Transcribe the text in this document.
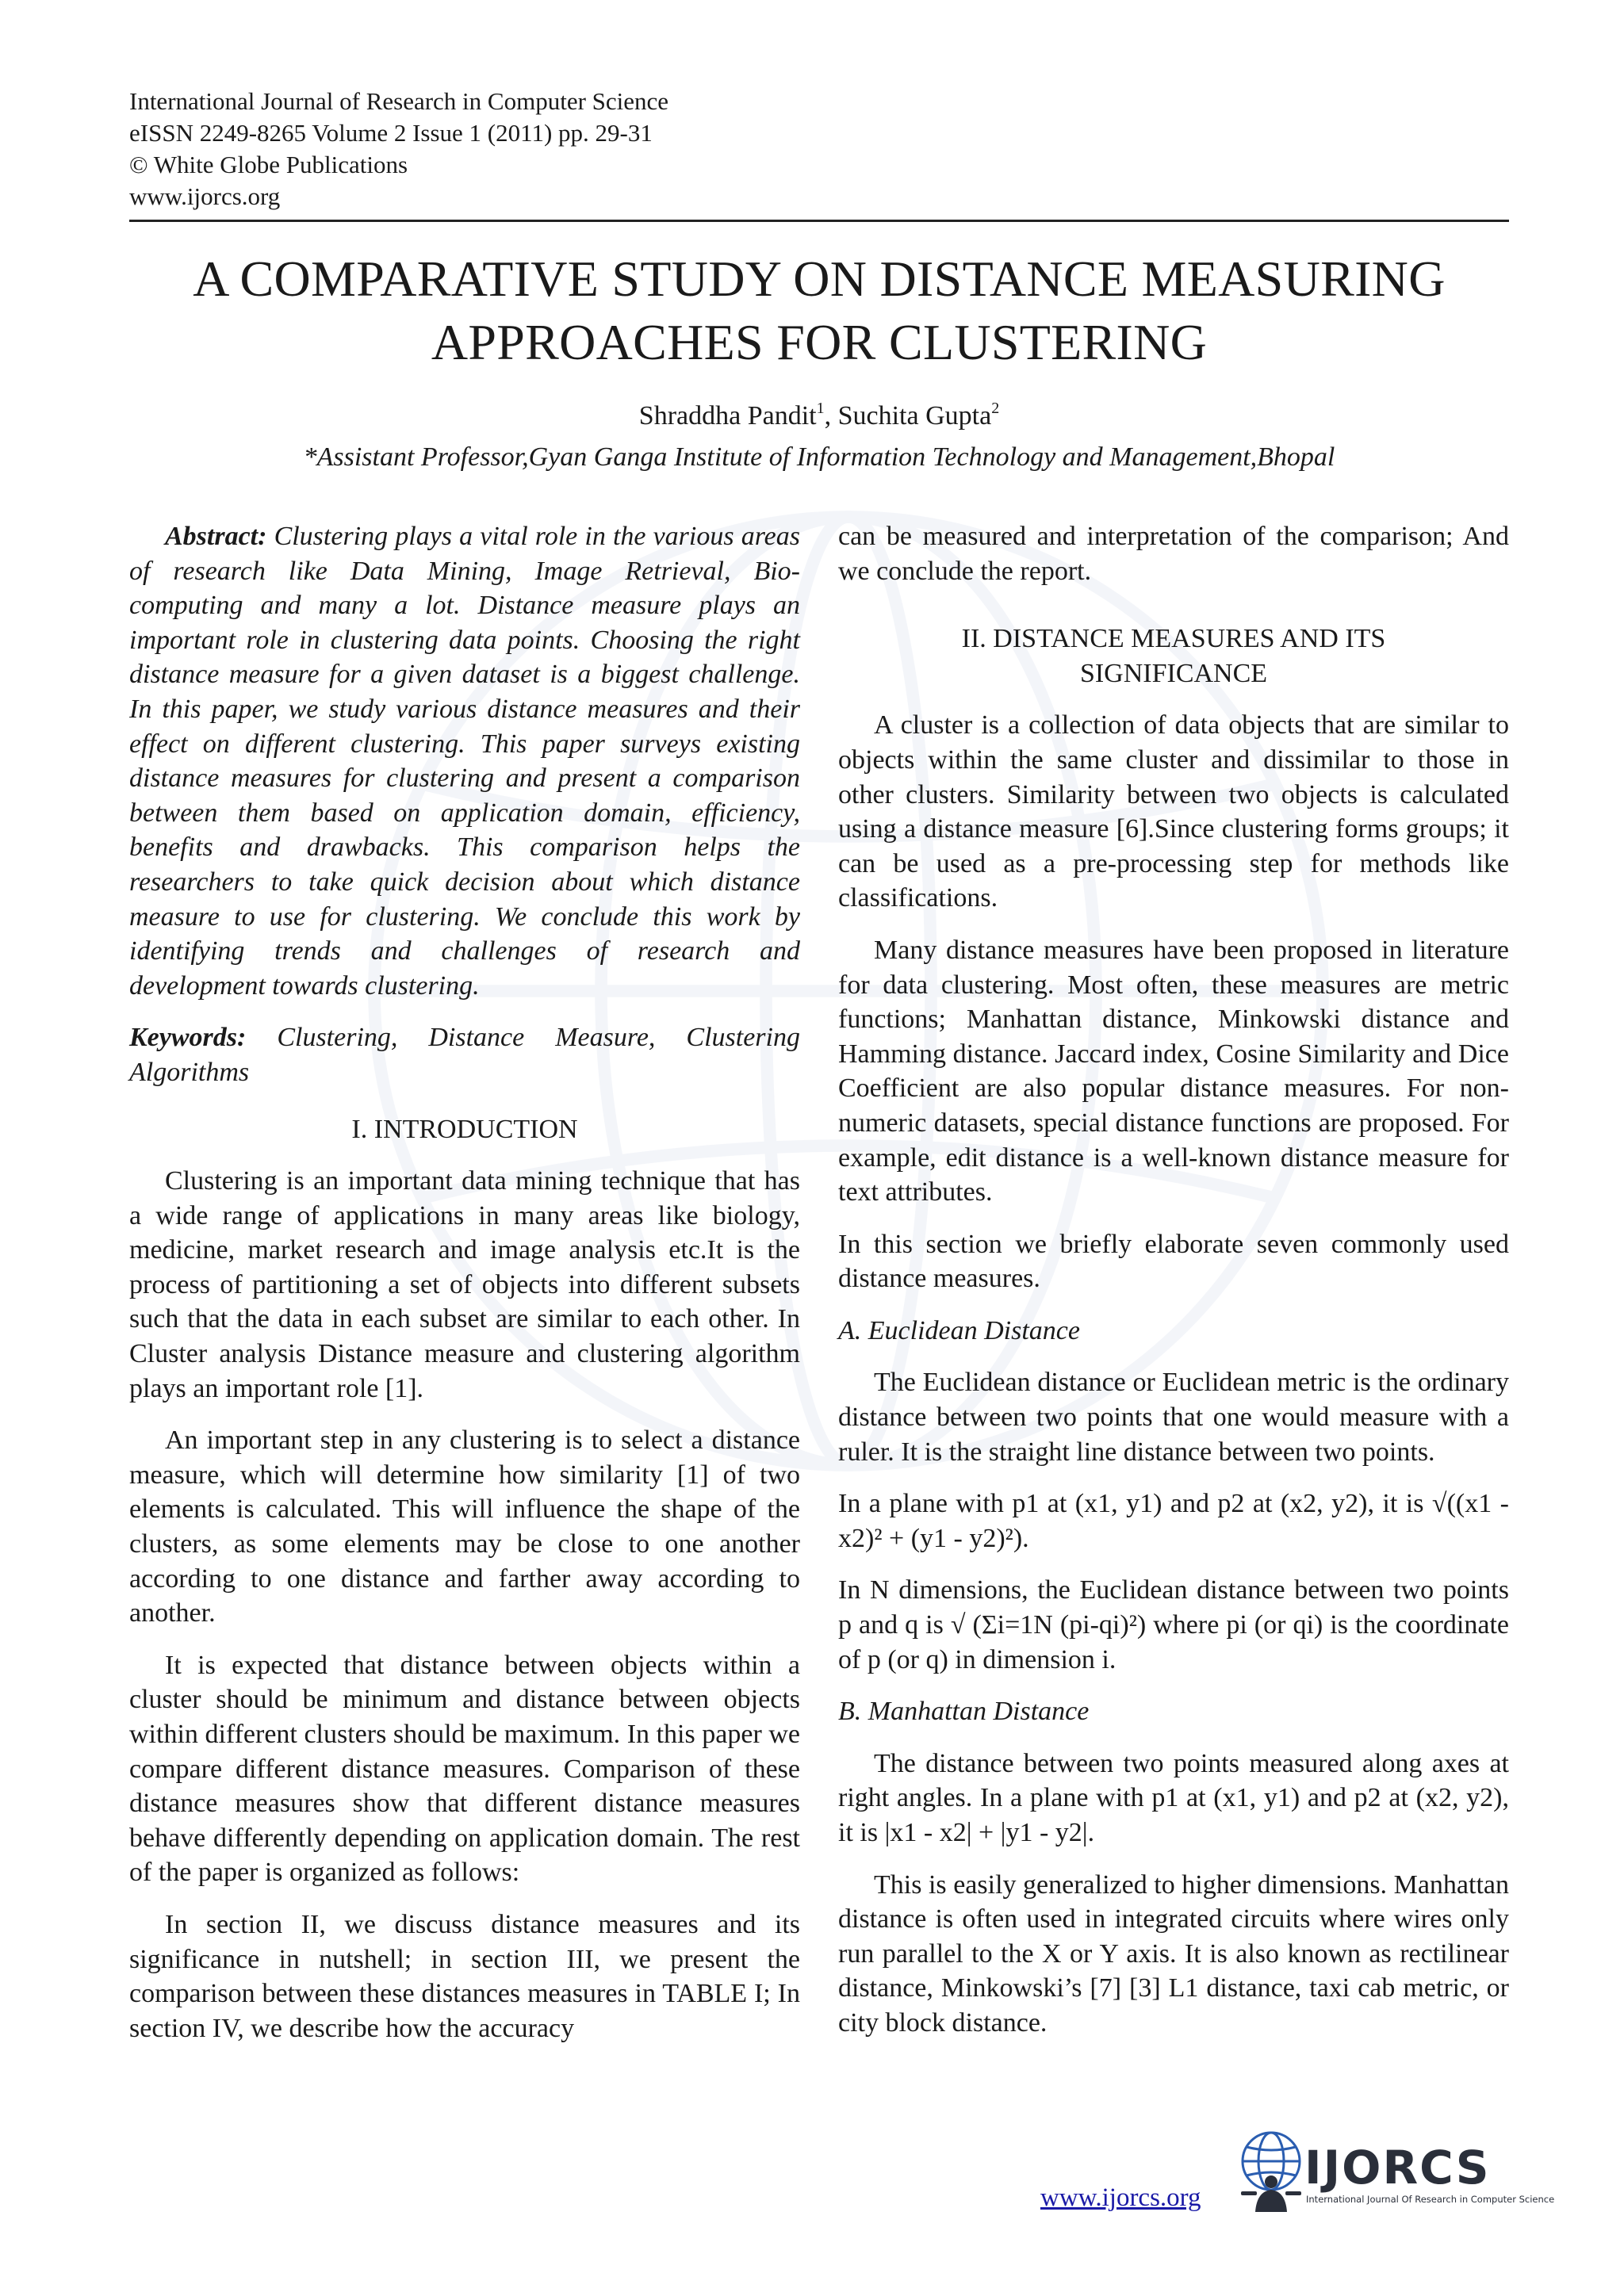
International Journal of Research in Computer Science
eISSN 2249-8265 Volume 2 Issue 1 (2011) pp. 29-31
© White Globe Publications
www.ijorcs.org
A COMPARATIVE STUDY ON DISTANCE MEASURING
APPROACHES FOR CLUSTERING
Shraddha Pandit$^1$, Suchita Gupta$^2$
*Assistant Professor,Gyan Ganga Institute of Information Technology and Management,Bhopal

Abstract: Clustering plays a vital role in the various areas of research like Data Mining, Image Retrieval, Bio-computing and many a lot. Distance measure plays an important role in clustering data points. Choosing the right distance measure for a given dataset is a biggest challenge. In this paper, we study various distance measures and their effect on different clustering. This paper surveys existing distance measures for clustering and present a comparison between them based on application domain, efficiency, benefits and drawbacks. This comparison helps the researchers to take quick decision about which distance measure to use for clustering. We conclude this work by identifying trends and challenges of research and development towards clustering.

Keywords: Clustering, Distance Measure, Clustering Algorithms

I. INTRODUCTION

Clustering is an important data mining technique that has a wide range of applications in many areas like biology, medicine, market research and image analysis etc.It is the process of partitioning a set of objects into different subsets such that the data in each subset are similar to each other. In Cluster analysis Distance measure and clustering algorithm plays an important role [1].

An important step in any clustering is to select a distance measure, which will determine how similarity [1] of two elements is calculated. This will influence the shape of the clusters, as some elements may be close to one another according to one distance and farther away according to another.

It is expected that distance between objects within a cluster should be minimum and distance between objects within different clusters should be maximum. In this paper we compare different distance measures. Comparison of these distance measures show that different distance measures behave differently depending on application domain. The rest of the paper is organized as follows:

In section II, we discuss distance measures and its significance in nutshell; in section III, we present the comparison between these distances measures in TABLE I; In section IV, we describe how the accuracy

can be measured and interpretation of the comparison; And we conclude the report.

II. DISTANCE MEASURES AND ITS
SIGNIFICANCE

A cluster is a collection of data objects that are similar to objects within the same cluster and dissimilar to those in other clusters. Similarity between two objects is calculated using a distance measure [6].Since clustering forms groups; it can be used as a pre-processing step for methods like classifications.

Many distance measures have been proposed in literature for data clustering. Most often, these measures are metric functions; Manhattan distance, Minkowski distance and Hamming distance. Jaccard index, Cosine Similarity and Dice Coefficient are also popular distance measures. For non-numeric datasets, special distance functions are proposed. For example, edit distance is a well-known distance measure for text attributes.

In this section we briefly elaborate seven commonly used distance measures.

A. Euclidean Distance

The Euclidean distance or Euclidean metric is the ordinary distance between two points that one would measure with a ruler. It is the straight line distance between two points.

In a plane with p1 at (x1, y1) and p2 at (x2, y2), it is √((x1 - x2)² + (y1 - y2)²).

In N dimensions, the Euclidean distance between two points p and q is √ (Σi=1N (pi-qi)²) where pi (or qi) is the coordinate of p (or q) in dimension i.

B. Manhattan Distance

The distance between two points measured along axes at right angles. In a plane with p1 at (x1, y1) and p2 at (x2, y2), it is |x1 - x2| + |y1 - y2|.

This is easily generalized to higher dimensions. Manhattan distance is often used in integrated circuits where wires only run parallel to the X or Y axis. It is also known as rectilinear distance, Minkowski’s [7] [3] L1 distance, taxi cab metric, or city block distance.

www.ijorcs.org
IJORCS
International Journal Of Research in Computer Science
